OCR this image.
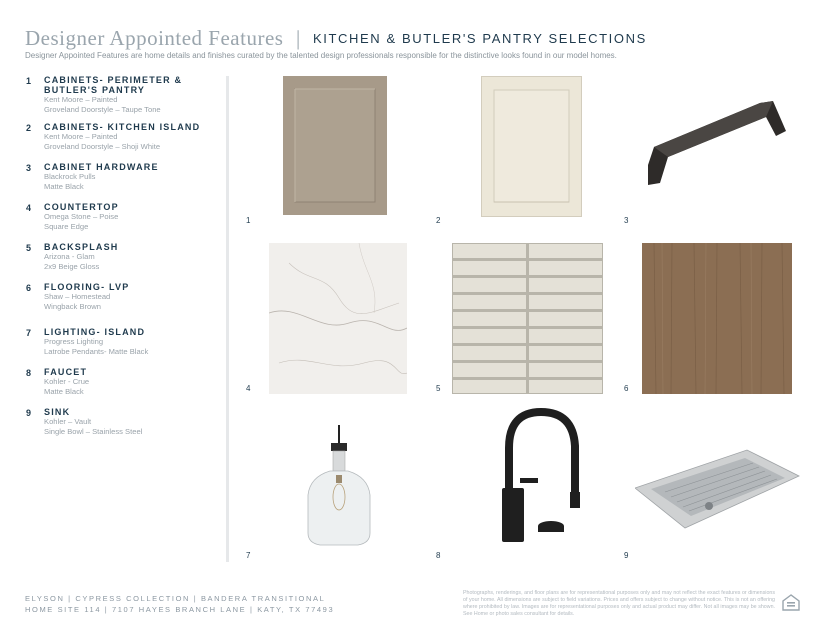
Designer Appointed Features | KITCHEN & BUTLER'S PANTRY SELECTIONS
Designer Appointed Features are home details and finishes curated by the talented design professionals responsible for the distinctive looks found in our model homes.
1 CABINETS- PERIMETER & BUTLER'S PANTRY
Kent Moore – Painted
Groveland Doorstyle – Taupe Tone
2 CABINETS- KITCHEN ISLAND
Kent Moore – Painted
Groveland Doorstyle – Shoji White
3 CABINET HARDWARE
Blackrock Pulls
Matte Black
4 COUNTERTOP
Omega Stone – Poise
Square Edge
5 BACKSPLASH
Arizona - Glam
2x9 Beige Gloss
6 FLOORING- LVP
Shaw – Homestead
Wingback Brown
7 LIGHTING- ISLAND
Progress Lighting
Latrobe Pendants- Matte Black
8 FAUCET
Kohler - Crue
Matte Black
9 SINK
Kohler – Vault
Single Bowl – Stainless Steel
1	2	3
4	5	6
7	8	9
ELYSON | CYPRESS COLLECTION | BANDERA TRANSITIONAL
HOME SITE 114 | 7107 HAYES BRANCH LANE | KATY, TX 77493
Photographs, renderings, and floor plans are for representational purposes only and may not reflect the exact features or dimensions of your home. All dimensions are subject to field variations. Prices and offers subject to change without notice. This is not an offering where prohibited by law. Images are for representational purposes only and actual product may differ. Not all images may be shown. See Home or photo sales consultant for details.
